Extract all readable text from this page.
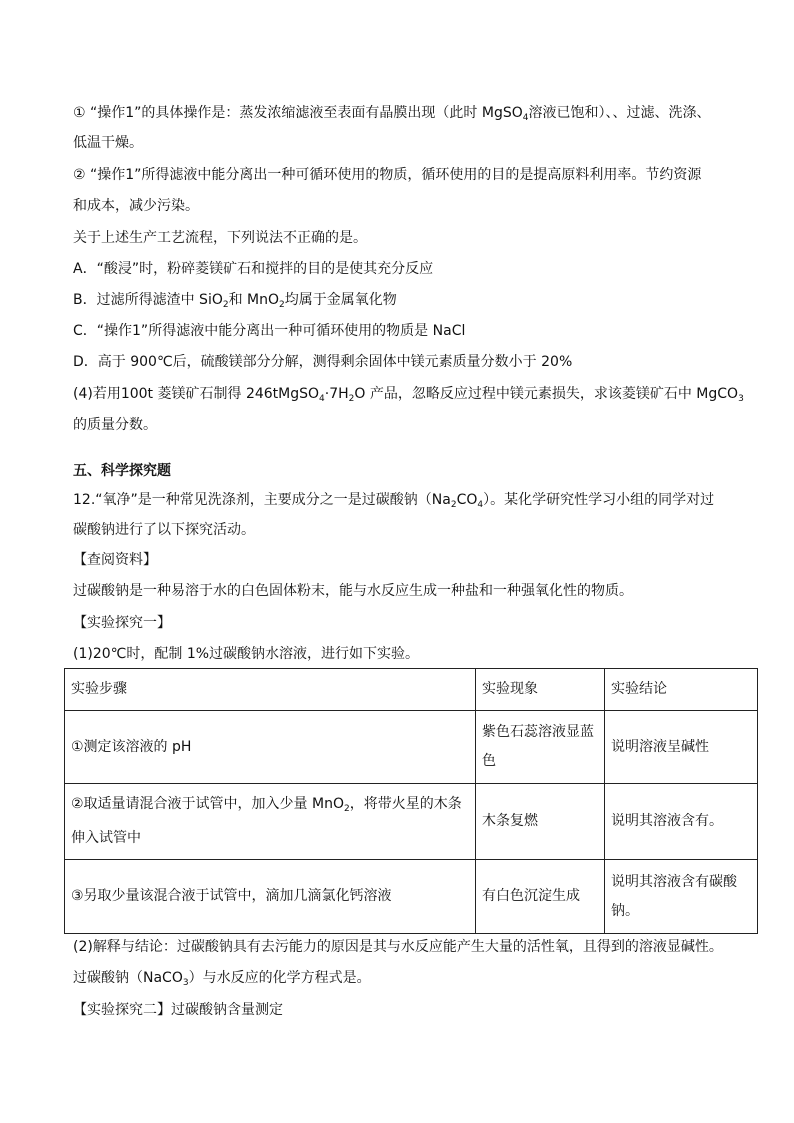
① “操作1”的具体操作是：蒸发浓缩滤液至表面有晶膜出现（此时 MgSO$_4$溶液已饱和）、、过滤、洗涤、
低温干燥。
② “操作1”所得滤液中能分离出一种可循环使用的物质，循环使用的目的是提高原料利用率。节约资源
和成本，减少污染。
关于上述生产工艺流程，下列说法不正确的是。
A．“酸浸”时，粉碎菱镁矿石和搅拌的目的是使其充分反应
B．过滤所得滤渣中 SiO$_2$和 MnO$_2$均属于金属氧化物
C．“操作1”所得滤液中能分离出一种可循环使用的物质是 NaCl
D．高于 900℃后，硫酸镁部分分解，测得剩余固体中镁元素质量分数小于 20%
(4)若用100t 菱镁矿石制得 $246tMgSO_4\cdot 7H_2O$ 产品，忽略反应过程中镁元素损失，求该菱镁矿石中 MgCO$_3$
的质量分数。
五、科学探究题
12.“氧净”是一种常见洗涤剂，主要成分之一是过碳酸钠$(Na_2CO_4)$。某化学研究性学习小组的同学对过
碳酸钠进行了以下探究活动。
【查阅资料】
过碳酸钠是一种易溶于水的白色固体粉末，能与水反应生成一种盐和一种强氧化性的物质。
【实验探究一】
(1)20℃时，配制 1%过碳酸钠水溶液，进行如下实验。
实验步骤	实验现象	实验结论
①测定该溶液的 pH	紫色石蕊溶液显蓝色	说明溶液呈碱性
②取适量请混合液于试管中，加入少量 MnO$_2$，将带火星的木条伸入试管中	木条复燃	说明其溶液含有。
③另取少量该混合液于试管中，滴加几滴氯化钙溶液	有白色沉淀生成	说明其溶液含有碳酸钠。
(2)解释与结论：过碳酸钠具有去污能力的原因是其与水反应能产生大量的活性氧，且得到的溶液显碱性。
过碳酸钠（NaCO$_3$）与水反应的化学方程式是。
【实验探究二】过碳酸钠含量测定
